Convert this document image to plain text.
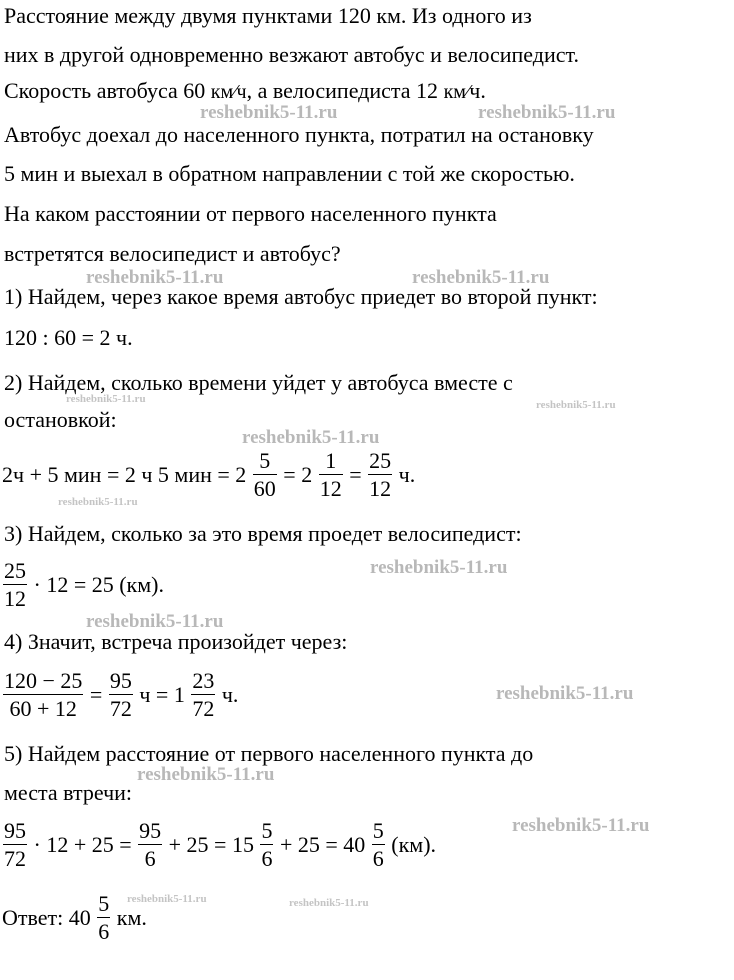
Расстояние между двумя пунктами 120 км. Из одного из
них в другой одновременно везжают автобус и велосипедист.
Скорость автобуса 60 км⁄ч, а велосипедиста 12 км⁄ч.
Автобус доехал до населенного пункта, потратил на остановку
5 мин и выехал в обратном направлении с той же скоростью.
На каком расстоянии от первого населенного пункта
встретятся велосипедист и автобус?
1) Найдем, через какое время автобус приедет во второй пункт:
120 : 60 = 2 ч.
2) Найдем, сколько времени уйдет у автобуса вместе с
остановкой:
2ч + 5 мин = 2 ч 5 мин = $2 \frac{5}{60} = 2 \frac{1}{12} = \frac{25}{12} ч$.
3) Найдем, сколько за это время проедет велосипедист:
$\frac{25}{12} \cdot 12 = 25$ (км).
4) Значит, встреча произойдет через:
$\frac{120 - 25}{60 + 12} = \frac{95}{72}$ $ч = 1 \frac{23}{72} ч$.
5) Найдем расстояние от первого населенного пункта до
места втречи:
$\frac{95}{72} \cdot 12 + 25 = \frac{95}{6} + 25 = 15 \frac{5}{6} + 25 = 40 \frac{5}{6} (км)$.
Ответ: $40 \frac{5}{6}$ км.
reshebnik5-11.ru	reshebnik5-11.ru
reshebnik5-11.ru	reshebnik5-11.ru
reshebnik5-11.ru	reshebnik5-11.ru
reshebnik5-11.ru
reshebnik5-11.ru
reshebnik5-11.ru
reshebnik5-11.ru
reshebnik5-11.ru
reshebnik5-11.ru
reshebnik5-11.ru
reshebnik5-11.ru	reshebnik5-11.ru
